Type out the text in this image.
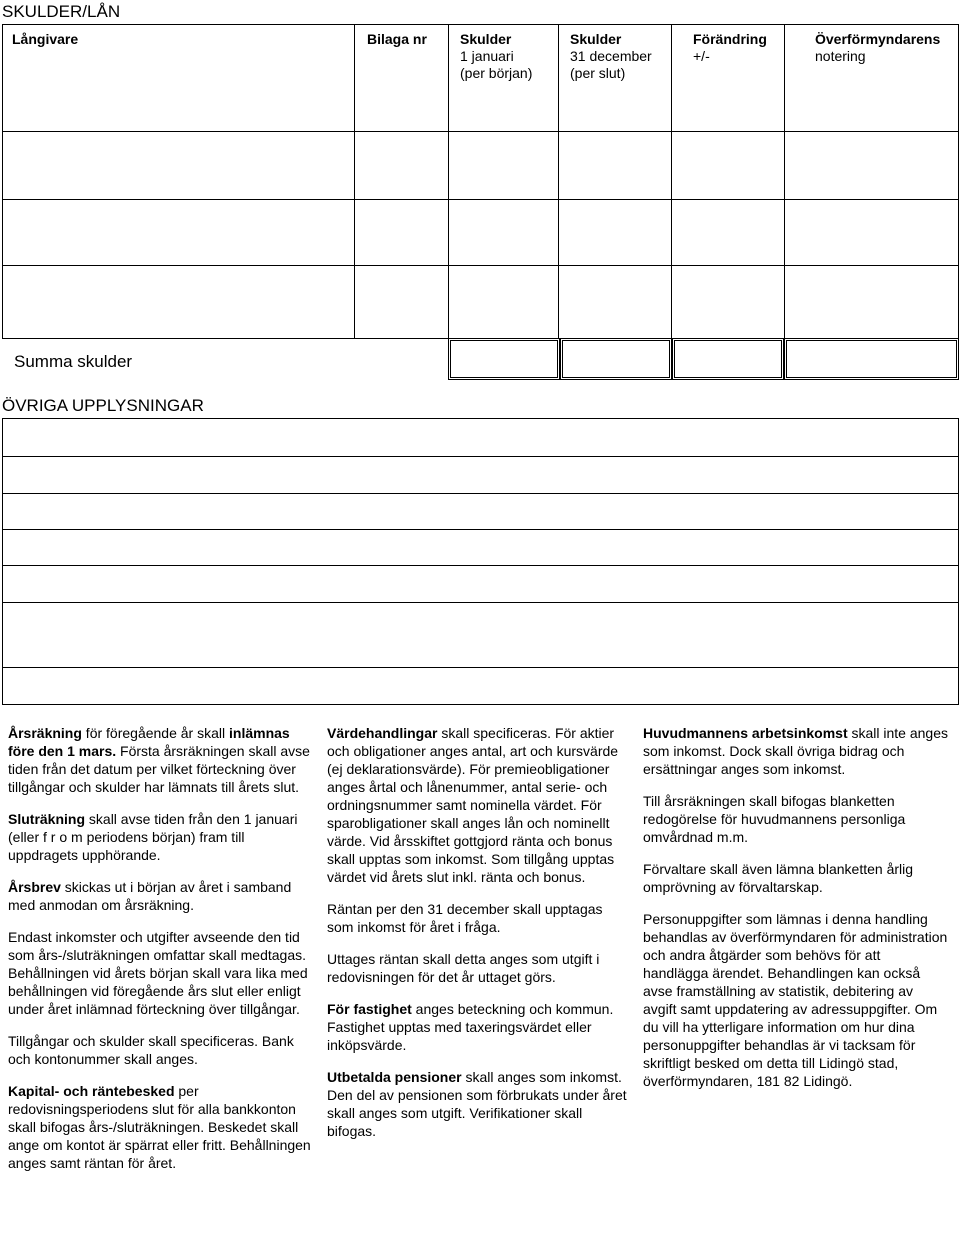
SKULDER/LÅN
Långivare	Bilaga nr Skulder
1 januari
(per början)
Skulder
31 december
(per slut)
Förändring
+/-
Överförmyndarens
notering
Summa skulder
ÖVRIGA UPPLYSNINGAR

Årsräkning för föregående år skall inlämnas före den 1 mars. Första årsräkningen skall avse tiden från det datum per vilket förteckning över tillgångar och skulder har lämnats till årets slut.

Sluträkning skall avse tiden från den 1 januari (eller f r o m periodens början) fram till uppdragets upphörande.

Årsbrev skickas ut i början av året i samband med anmodan om årsräkning.

Endast inkomster och utgifter avseende den tid som års-/sluträkningen omfattar skall medtagas. Behållningen vid årets början skall vara lika med behållningen vid föregående års slut eller enligt under året inlämnad förteckning över tillgångar.

Tillgångar och skulder skall specificeras. Bank och kontonummer skall anges.

Kapital- och räntebesked per redovisningsperiodens slut för alla bankkonton skall bifogas års-/sluträkningen. Beskedet skall ange om kontot är spärrat eller fritt. Behållningen anges samt räntan för året.

Värdehandlingar skall specificeras. För aktier och obligationer anges antal, art och kursvärde (ej deklarationsvärde). För premieobligationer anges årtal och lånenummer, antal serie- och ordningsnummer samt nominella värdet. För sparobligationer skall anges lån och nominellt värde. Vid årsskiftet gottgjord ränta och bonus skall upptas som inkomst. Som tillgång upptas värdet vid årets slut inkl. ränta och bonus.

Räntan per den 31 december skall upptagas som inkomst för året i fråga.

Uttages räntan skall detta anges som utgift i redovisningen för det år uttaget görs.

För fastighet anges beteckning och kommun. Fastighet upptas med taxeringsvärdet eller inköpsvärde.

Utbetalda pensioner skall anges som inkomst. Den del av pensionen som förbrukats under året skall anges som utgift. Verifikationer skall bifogas.

Huvudmannens arbetsinkomst skall inte anges som inkomst. Dock skall övriga bidrag och ersättningar anges som inkomst.

Till årsräkningen skall bifogas blanketten redogörelse för huvudmannens personliga omvårdnad m.m.

Förvaltare skall även lämna blanketten årlig omprövning av förvaltarskap.

Personuppgifter som lämnas i denna handling behandlas av överförmyndaren för administration och andra åtgärder som behövs för att handlägga ärendet. Behandlingen kan också avse framställning av statistik, debitering av avgift samt uppdatering av adressuppgifter. Om du vill ha ytterligare information om hur dina personuppgifter behandlas är vi tacksam för skriftligt besked om detta till Lidingö stad, överförmyndaren, 181 82 Lidingö.
